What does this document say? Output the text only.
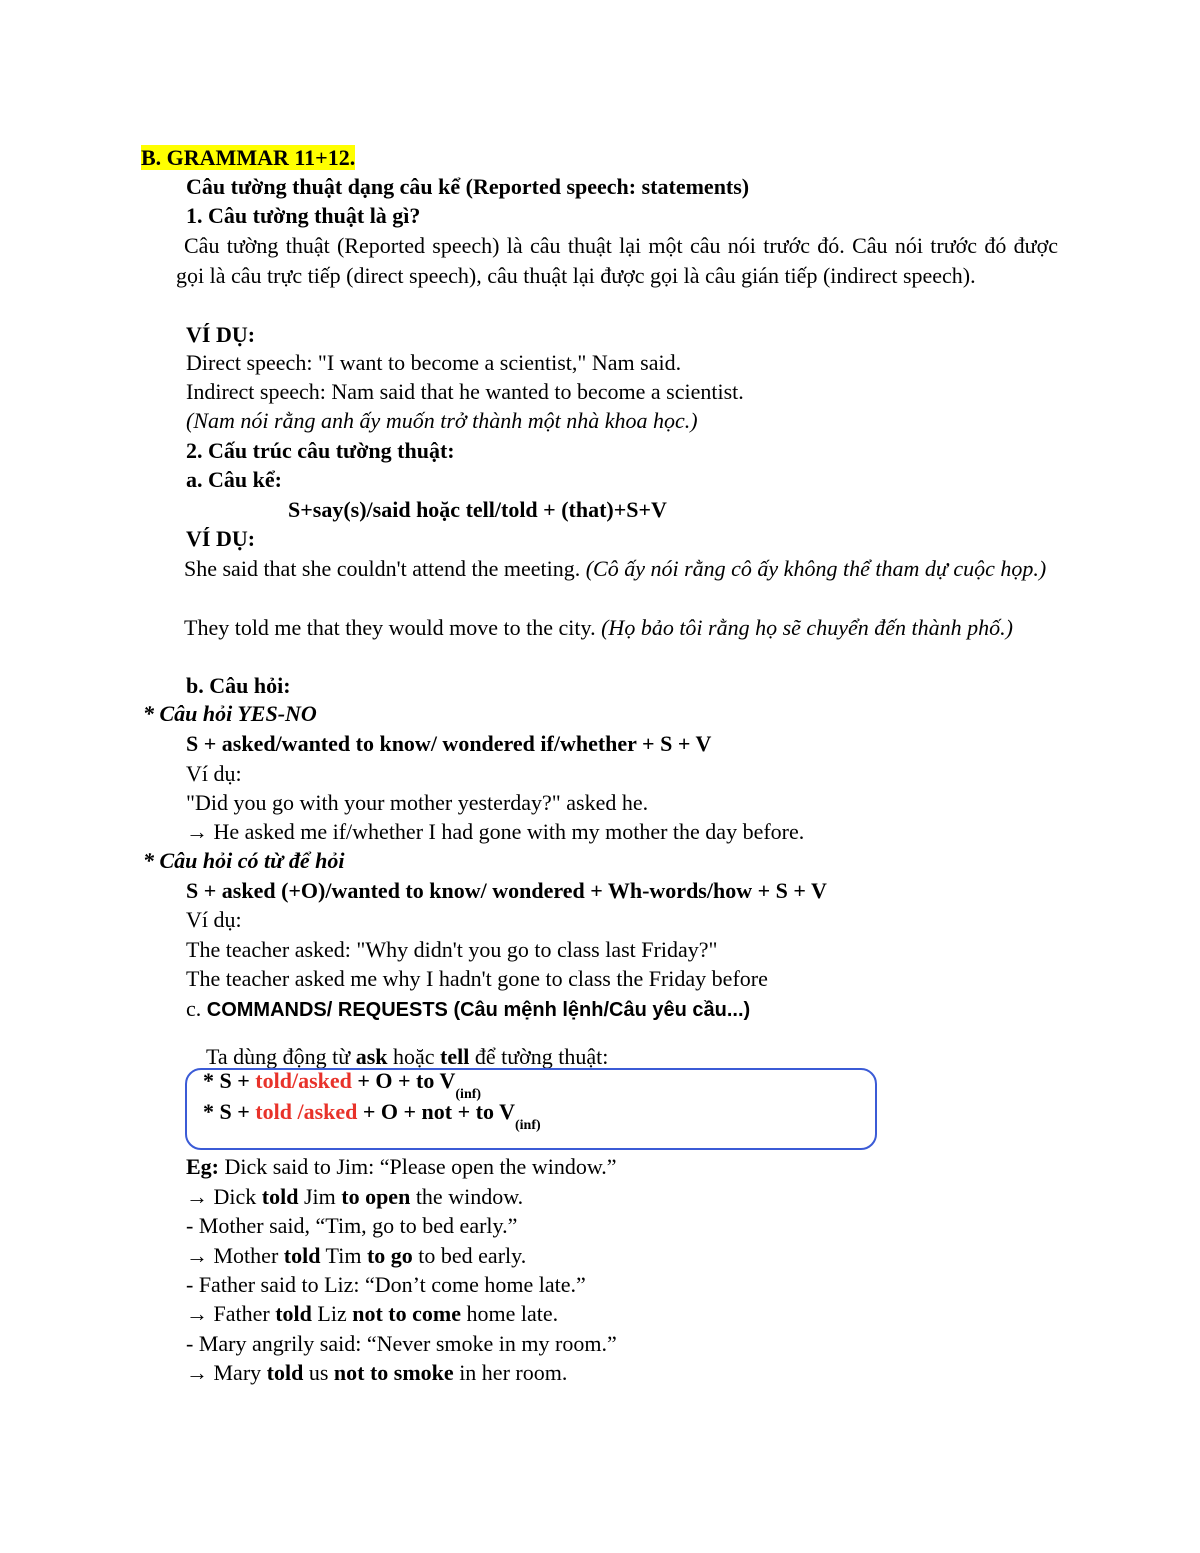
B. GRAMMAR 11+12.
Câu tường thuật dạng câu kể (Reported speech: statements)
1. Câu tường thuật là gì?
Câu tường thuật (Reported speech) là câu thuật lại một câu nói trước đó. Câu nói trước đó được gọi là câu trực tiếp (direct speech), câu thuật lại được gọi là câu gián tiếp (indirect speech).
VÍ DỤ:
Direct speech: "I want to become a scientist," Nam said.
Indirect speech: Nam said that he wanted to become a scientist.
(Nam nói rằng anh ấy muốn trở thành một nhà khoa học.)
2. Cấu trúc câu tường thuật:
a. Câu kể:
S+say(s)/said hoặc tell/told + (that)+S+V
VÍ DỤ:
She said that she couldn't attend the meeting. (Cô ấy nói rằng cô ấy không thể tham dự cuộc họp.)
They told me that they would move to the city. (Họ bảo tôi rằng họ sẽ chuyển đến thành phố.)
b. Câu hỏi:
* Câu hỏi YES-NO
S + asked/wanted to know/ wondered if/whether + S + V
Ví dụ:
"Did you go with your mother yesterday?" asked he.
→ He asked me if/whether I had gone with my mother the day before.
* Câu hỏi có từ để hỏi
S + asked (+O)/wanted to know/ wondered + Wh-words/how + S + V
Ví dụ:
The teacher asked: "Why didn't you go to class last Friday?"
The teacher asked me why I hadn't gone to class the Friday before
c. COMMANDS/ REQUESTS (Câu mệnh lệnh/Câu yêu cầu...)
Ta dùng động từ ask hoặc tell để tường thuật:
* S + told/asked + O + to $V_{(inf)}$
* S + told /asked + O + not + to $V_{(inf)}$
Eg: Dick said to Jim: “Please open the window.”
→ Dick told Jim to open the window.
- Mother said, “Tim, go to bed early.”
→ Mother told Tim to go to bed early.
- Father said to Liz: “Don’t come home late.”
→ Father told Liz not to come home late.
- Mary angrily said: “Never smoke in my room.”
→ Mary told us not to smoke in her room.
